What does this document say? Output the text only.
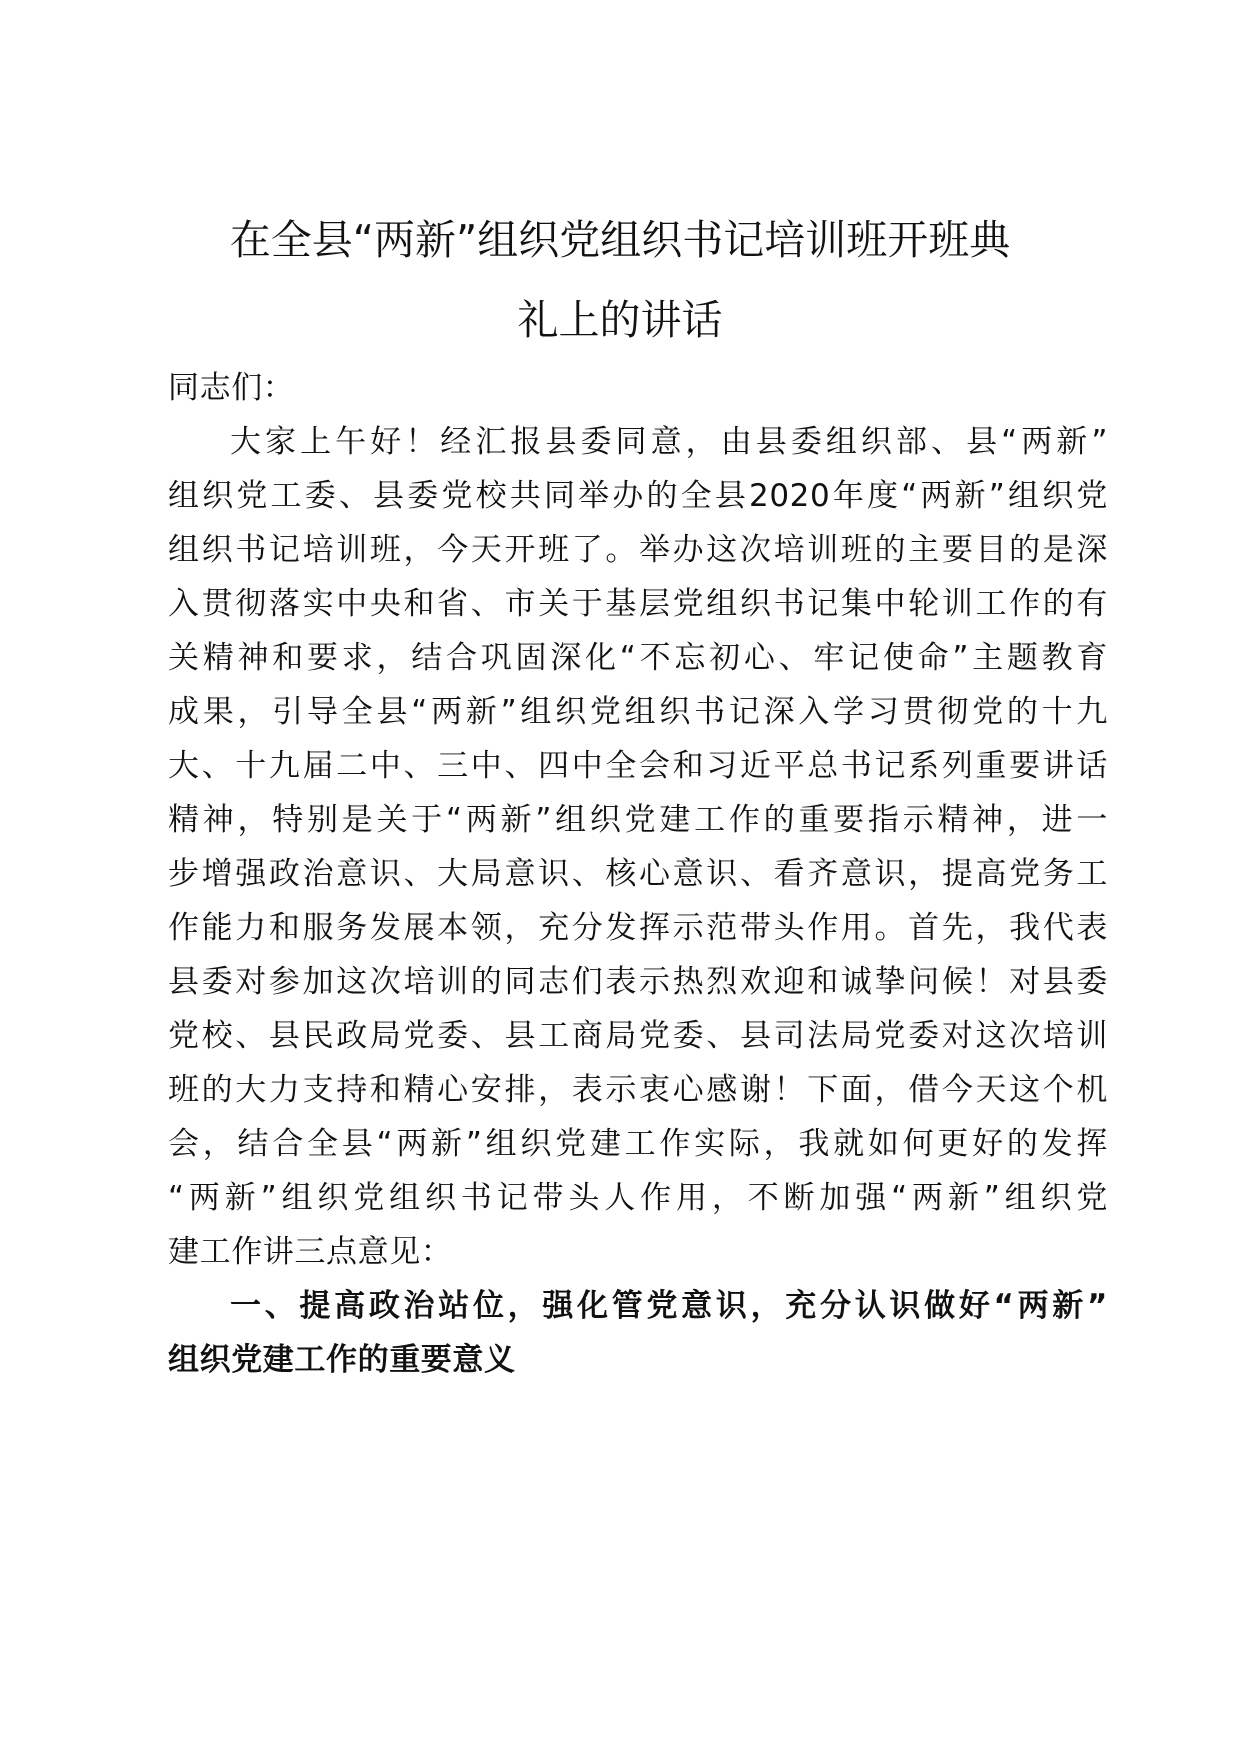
在全县“两新”组织党组织书记培训班开班典
礼上的讲话
同志们：
大家上午好！经汇报县委同意，由县委组织部、县“两新”
组织党工委、县委党校共同举办的全县2020年度“两新”组织党
组织书记培训班，今天开班了。举办这次培训班的主要目的是深
入贯彻落实中央和省、市关于基层党组织书记集中轮训工作的有
关精神和要求，结合巩固深化“不忘初心、牢记使命”主题教育
成果，引导全县“两新”组织党组织书记深入学习贯彻党的十九
大、十九届二中、三中、四中全会和习近平总书记系列重要讲话
精神，特别是关于“两新”组织党建工作的重要指示精神，进一
步增强政治意识、大局意识、核心意识、看齐意识，提高党务工
作能力和服务发展本领，充分发挥示范带头作用。首先，我代表
县委对参加这次培训的同志们表示热烈欢迎和诚挚问候！对县委
党校、县民政局党委、县工商局党委、县司法局党委对这次培训
班的大力支持和精心安排，表示衷心感谢！下面，借今天这个机
会，结合全县“两新”组织党建工作实际，我就如何更好的发挥
“两新”组织党组织书记带头人作用，不断加强“两新”组织党
建工作讲三点意见：
一、提高政治站位，强化管党意识，充分认识做好“两新”
组织党建工作的重要意义
